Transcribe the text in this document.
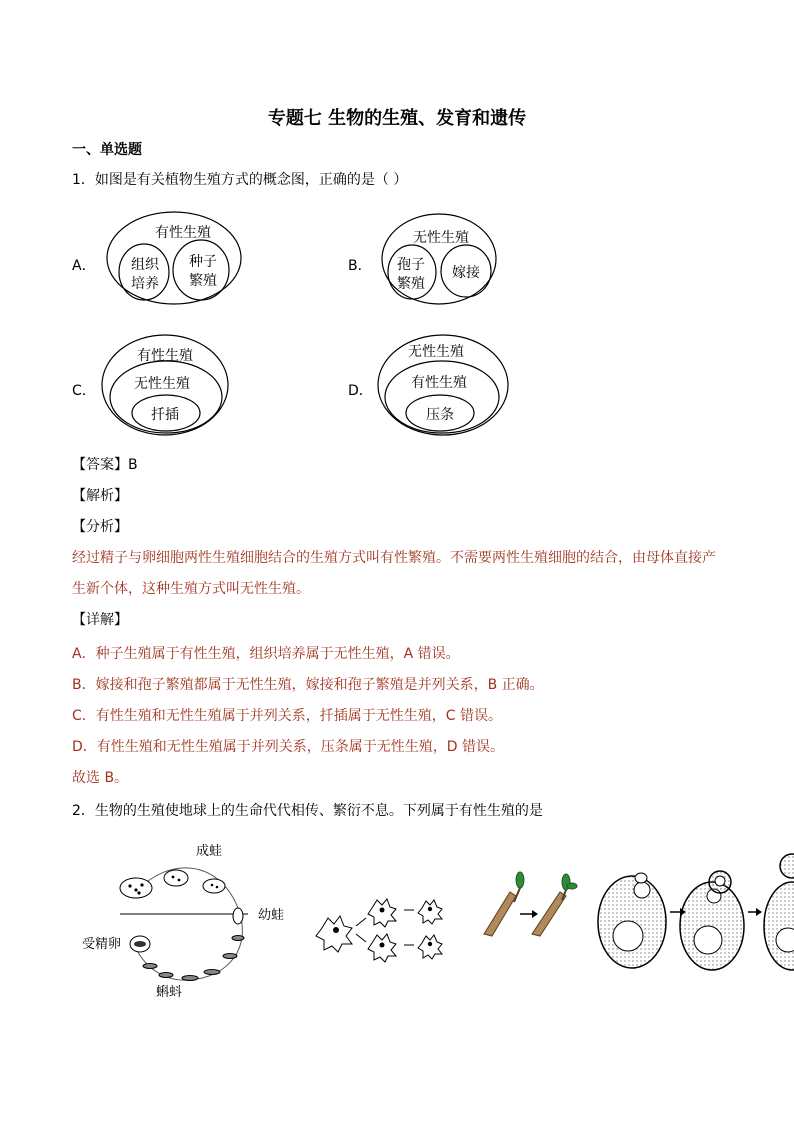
专题七 生物的生殖、发育和遗传
一、单选题
1．如图是有关植物生殖方式的概念图，正确的是（ ）
A．
有性生殖
组织
培养
种子
繁殖
B．
无性生殖
孢子
繁殖
嫁接
C．
有性生殖
无性生殖
扦插
D．
无性生殖
有性生殖
压条
【答案】B
【解析】
【分析】
经过精子与卵细胞两性生殖细胞结合的生殖方式叫有性繁殖。不需要两性生殖细胞的结合，由母体直接产
生新个体，这种生殖方式叫无性生殖。
【详解】
A．种子生殖属于有性生殖，组织培养属于无性生殖，A 错误。
B．嫁接和孢子繁殖都属于无性生殖，嫁接和孢子繁殖是并列关系，B 正确。
C．有性生殖和无性生殖属于并列关系，扦插属于无性生殖，C 错误。
D．有性生殖和无性生殖属于并列关系，压条属于无性生殖，D 错误。
故选 B。
2．生物的生殖使地球上的生命代代相传、繁衍不息。下列属于有性生殖的是
成蛙
幼蛙
受精卵
蝌蚪
